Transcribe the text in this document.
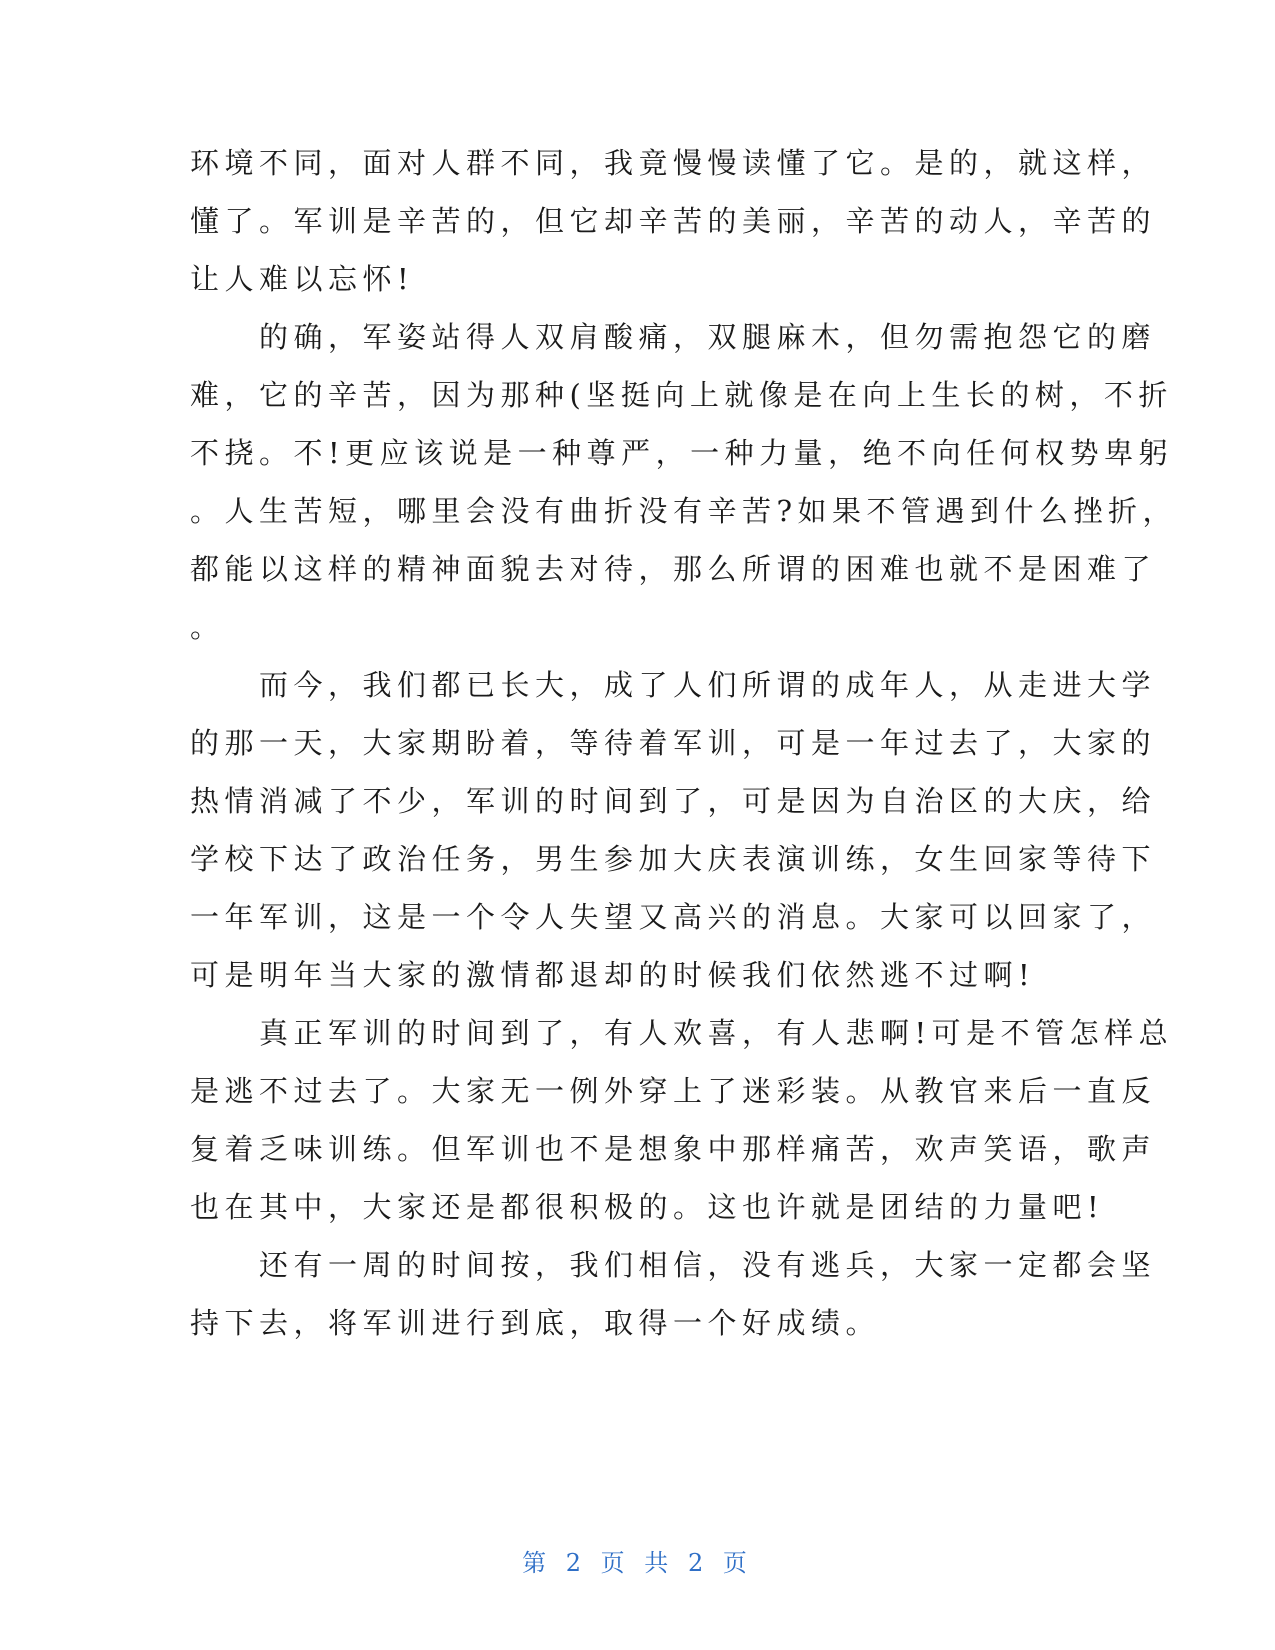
环境不同，面对人群不同，我竟慢慢读懂了它。是的，就这样，
懂了。军训是辛苦的，但它却辛苦的美丽，辛苦的动人，辛苦的
让人难以忘怀!
　　的确，军姿站得人双肩酸痛，双腿麻木，但勿需抱怨它的磨
难，它的辛苦，因为那种(坚挺向上就像是在向上生长的树，不折
不挠。不!更应该说是一种尊严，一种力量，绝不向任何权势卑躬
。人生苦短，哪里会没有曲折没有辛苦?如果不管遇到什么挫折，
都能以这样的精神面貌去对待，那么所谓的困难也就不是困难了
。
　　而今，我们都已长大，成了人们所谓的成年人，从走进大学
的那一天，大家期盼着，等待着军训，可是一年过去了，大家的
热情消减了不少，军训的时间到了，可是因为自治区的大庆，给
学校下达了政治任务，男生参加大庆表演训练，女生回家等待下
一年军训，这是一个令人失望又高兴的消息。大家可以回家了，
可是明年当大家的激情都退却的时候我们依然逃不过啊!
　　真正军训的时间到了，有人欢喜，有人悲啊!可是不管怎样总
是逃不过去了。大家无一例外穿上了迷彩装。从教官来后一直反
复着乏味训练。但军训也不是想象中那样痛苦，欢声笑语，歌声
也在其中，大家还是都很积极的。这也许就是团结的力量吧!
　　还有一周的时间按，我们相信，没有逃兵，大家一定都会坚
持下去，将军训进行到底，取得一个好成绩。
第 2 页 共 2 页
